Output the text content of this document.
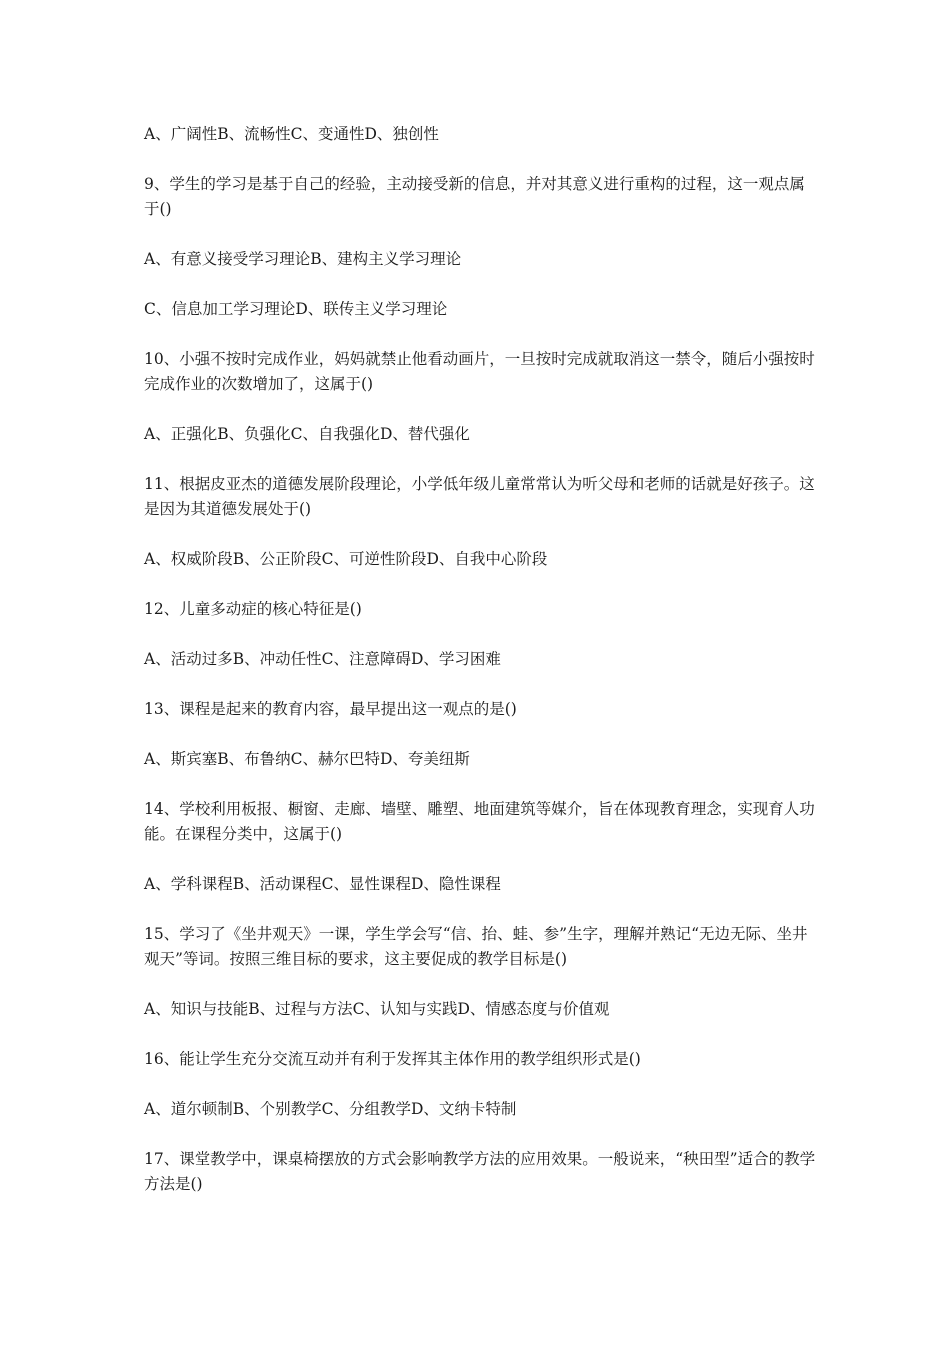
A、广阔性B、流畅性C、变通性D、独创性

9、学生的学习是基于自己的经验，主动接受新的信息，并对其意义进行重构的过程，这一观点属于()

A、有意义接受学习理论B、建构主义学习理论

C、信息加工学习理论D、联传主义学习理论

10、小强不按时完成作业，妈妈就禁止他看动画片，一旦按时完成就取消这一禁令，随后小强按时完成作业的次数增加了，这属于()

A、正强化B、负强化C、自我强化D、替代强化

11、根据皮亚杰的道德发展阶段理论，小学低年级儿童常常认为听父母和老师的话就是好孩子。这是因为其道德发展处于()

A、权威阶段B、公正阶段C、可逆性阶段D、自我中心阶段

12、儿童多动症的核心特征是()

A、活动过多B、冲动任性C、注意障碍D、学习困难

13、课程是起来的教育内容，最早提出这一观点的是()

A、斯宾塞B、布鲁纳C、赫尔巴特D、夸美纽斯

14、学校利用板报、橱窗、走廊、墙壁、雕塑、地面建筑等媒介，旨在体现教育理念，实现育人功能。在课程分类中，这属于()

A、学科课程B、活动课程C、显性课程D、隐性课程

15、学习了《坐井观天》一课，学生学会写“信、抬、蛙、参”生字，理解并熟记“无边无际、坐井观天”等词。按照三维目标的要求，这主要促成的教学目标是()

A、知识与技能B、过程与方法C、认知与实践D、情感态度与价值观

16、能让学生充分交流互动并有利于发挥其主体作用的教学组织形式是()

A、道尔顿制B、个别教学C、分组教学D、文纳卡特制

17、课堂教学中，课桌椅摆放的方式会影响教学方法的应用效果。一般说来，“秧田型”适合的教学方法是()
